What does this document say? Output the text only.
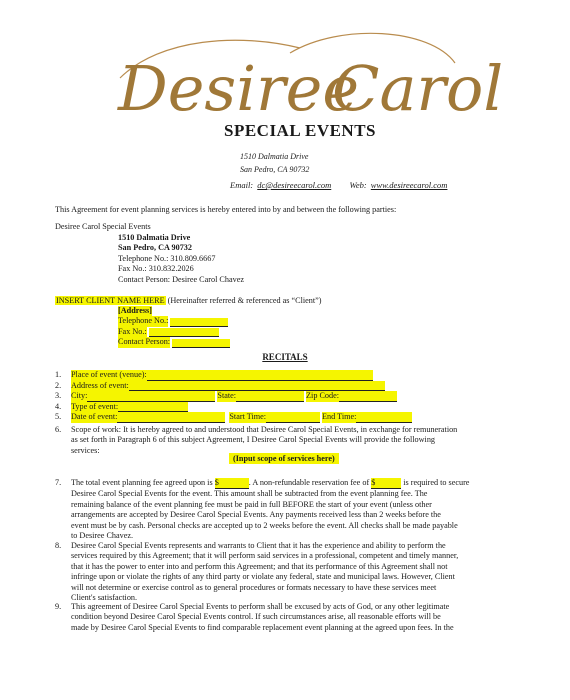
Desiree
Carol
SPECIAL EVENTS
1510 Dalmatia Drive
San Pedro, CA 90732
Email: dc@desireecarol.com Web: www.desireecarol.com
This Agreement for event planning services is hereby entered into by and between the following parties:
Desiree Carol Special Events
1510 Dalmatia Drive
San Pedro, CA 90732
Telephone No.: 310.809.6667
Fax No.: 310.832.2026
Contact Person: Desiree Carol Chavez
INSERT CLIENT NAME HERE (Hereinafter referred & referenced as “Client”)
[Address]
Telephone No.:
Fax No.:
Contact Person:
RECITALS
1.	Place of event (venue):
2.	Address of event:
3.	City:	State:	Zip Code:
4.	Type of event:
5.	Date of event:	Start Time:	End Time:
6.	Scope of work: It is hereby agreed to and understood that Desiree Carol Special Events, in exchange for remuneration
as set forth in Paragraph 6 of this subject Agreement, I Desiree Carol Special Events will provide the following
services:
(Input scope of services here)
7.	The total event planning fee agreed upon is $	. A non-refundable reservation fee of $	is required to secure
Desiree Carol Special Events for the event. This amount shall be subtracted from the event planning fee. The
remaining balance of the event planning fee must be paid in full BEFORE the start of your event (unless other
arrangements are accepted by Desiree Carol Special Events. Any payments received less than 2 weeks before the
event must be by cash. Personal checks are accepted up to 2 weeks before the event. All checks shall be made payable
to Desiree Chavez.
8.	Desiree Carol Special Events represents and warrants to Client that it has the experience and ability to perform the
services required by this Agreement; that it will perform said services in a professional, competent and timely manner,
that it has the power to enter into and perform this Agreement; and that its performance of this Agreement shall not
infringe upon or violate the rights of any third party or violate any federal, state and municipal laws. However, Client
will not determine or exercise control as to general procedures or formats necessary to have these services meet
Client's satisfaction.
9.	This agreement of Desiree Carol Special Events to perform shall be excused by acts of God, or any other legitimate
condition beyond Desiree Carol Special Events control. If such circumstances arise, all reasonable efforts will be
made by Desiree Carol Special Events to find comparable replacement event planning at the agreed upon fees. In the
